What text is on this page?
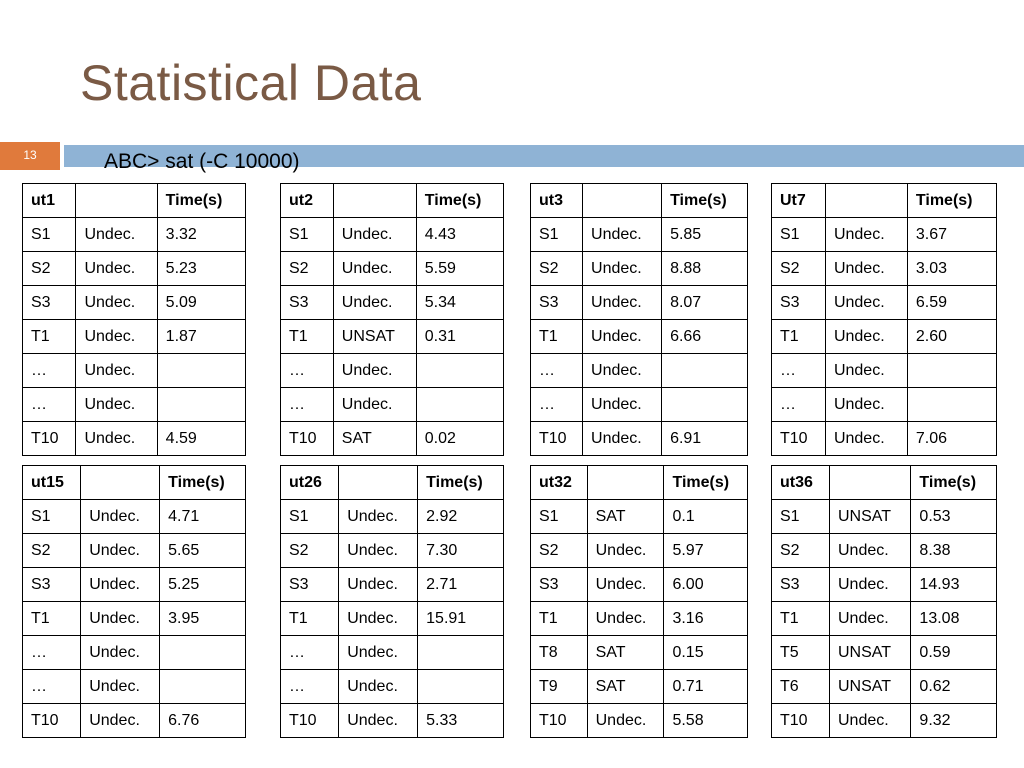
Statistical Data
13	ABC> sat (-C 10000)
ut1		Time(s)
S1	Undec.	3.32
S2	Undec.	5.23
S3	Undec.	5.09
T1	Undec.	1.87
…	Undec.	
…	Undec.	
T10	Undec.	4.59
ut2		Time(s)
S1	Undec.	4.43
S2	Undec.	5.59
S3	Undec.	5.34
T1	UNSAT	0.31
…	Undec.	
…	Undec.	
T10	SAT	0.02
ut3		Time(s)
S1	Undec.	5.85
S2	Undec.	8.88
S3	Undec.	8.07
T1	Undec.	6.66
…	Undec.	
…	Undec.	
T10	Undec.	6.91
Ut7		Time(s)
S1	Undec.	3.67
S2	Undec.	3.03
S3	Undec.	6.59
T1	Undec.	2.60
…	Undec.	
…	Undec.	
T10	Undec.	7.06
ut15		Time(s)
S1	Undec.	4.71
S2	Undec.	5.65
S3	Undec.	5.25
T1	Undec.	3.95
…	Undec.	
…	Undec.	
T10	Undec.	6.76
ut26		Time(s)
S1	Undec.	2.92
S2	Undec.	7.30
S3	Undec.	2.71
T1	Undec.	15.91
…	Undec.	
…	Undec.	
T10	Undec.	5.33
ut32		Time(s)
S1	SAT	0.1
S2	Undec.	5.97
S3	Undec.	6.00
T1	Undec.	3.16
T8	SAT	0.15
T9	SAT	0.71
T10	Undec.	5.58
ut36		Time(s)
S1	UNSAT	0.53
S2	Undec.	8.38
S3	Undec.	14.93
T1	Undec.	13.08
T5	UNSAT	0.59
T6	UNSAT	0.62
T10	Undec.	9.32
